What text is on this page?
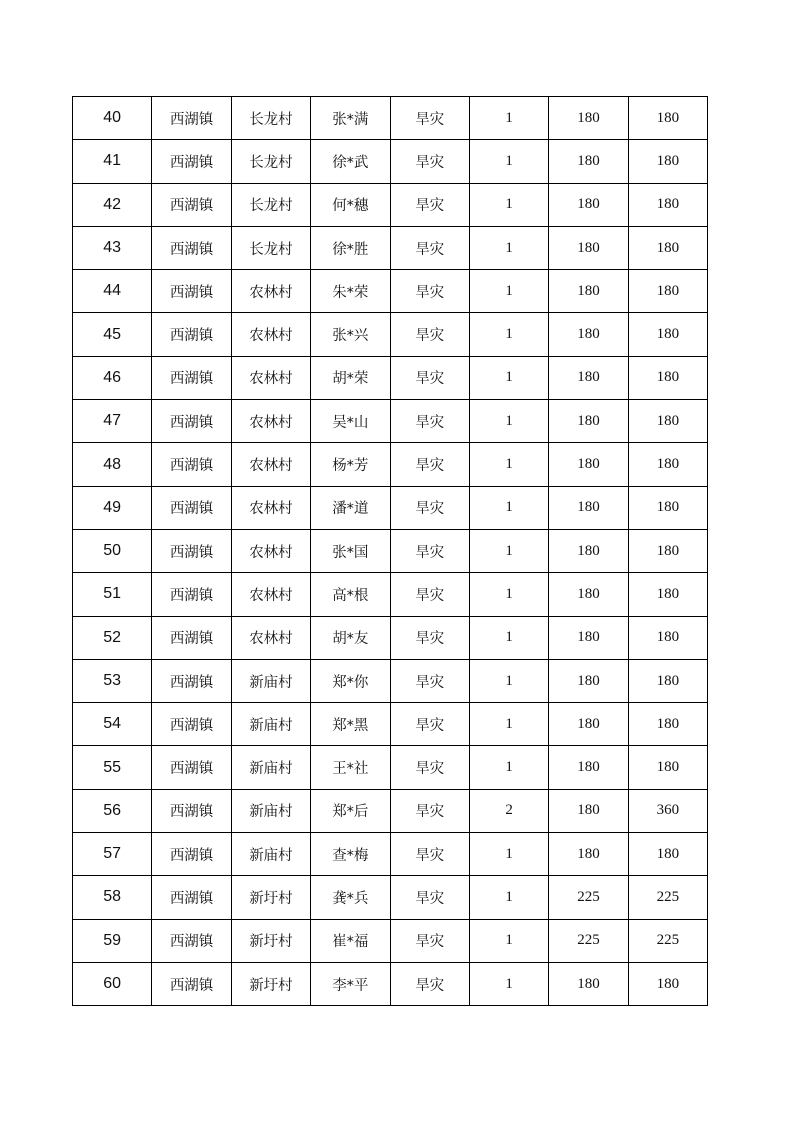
40	西湖镇	长龙村	张*满	旱灾	1	180	180
41	西湖镇	长龙村	徐*武	旱灾	1	180	180
42	西湖镇	长龙村	何*穗	旱灾	1	180	180
43	西湖镇	长龙村	徐*胜	旱灾	1	180	180
44	西湖镇	农林村	朱*荣	旱灾	1	180	180
45	西湖镇	农林村	张*兴	旱灾	1	180	180
46	西湖镇	农林村	胡*荣	旱灾	1	180	180
47	西湖镇	农林村	吴*山	旱灾	1	180	180
48	西湖镇	农林村	杨*芳	旱灾	1	180	180
49	西湖镇	农林村	潘*道	旱灾	1	180	180
50	西湖镇	农林村	张*国	旱灾	1	180	180
51	西湖镇	农林村	高*根	旱灾	1	180	180
52	西湖镇	农林村	胡*友	旱灾	1	180	180
53	西湖镇	新庙村	郑*你	旱灾	1	180	180
54	西湖镇	新庙村	郑*黑	旱灾	1	180	180
55	西湖镇	新庙村	王*社	旱灾	1	180	180
56	西湖镇	新庙村	郑*后	旱灾	2	180	360
57	西湖镇	新庙村	查*梅	旱灾	1	180	180
58	西湖镇	新圩村	龚*兵	旱灾	1	225	225
59	西湖镇	新圩村	崔*福	旱灾	1	225	225
60	西湖镇	新圩村	李*平	旱灾	1	180	180
